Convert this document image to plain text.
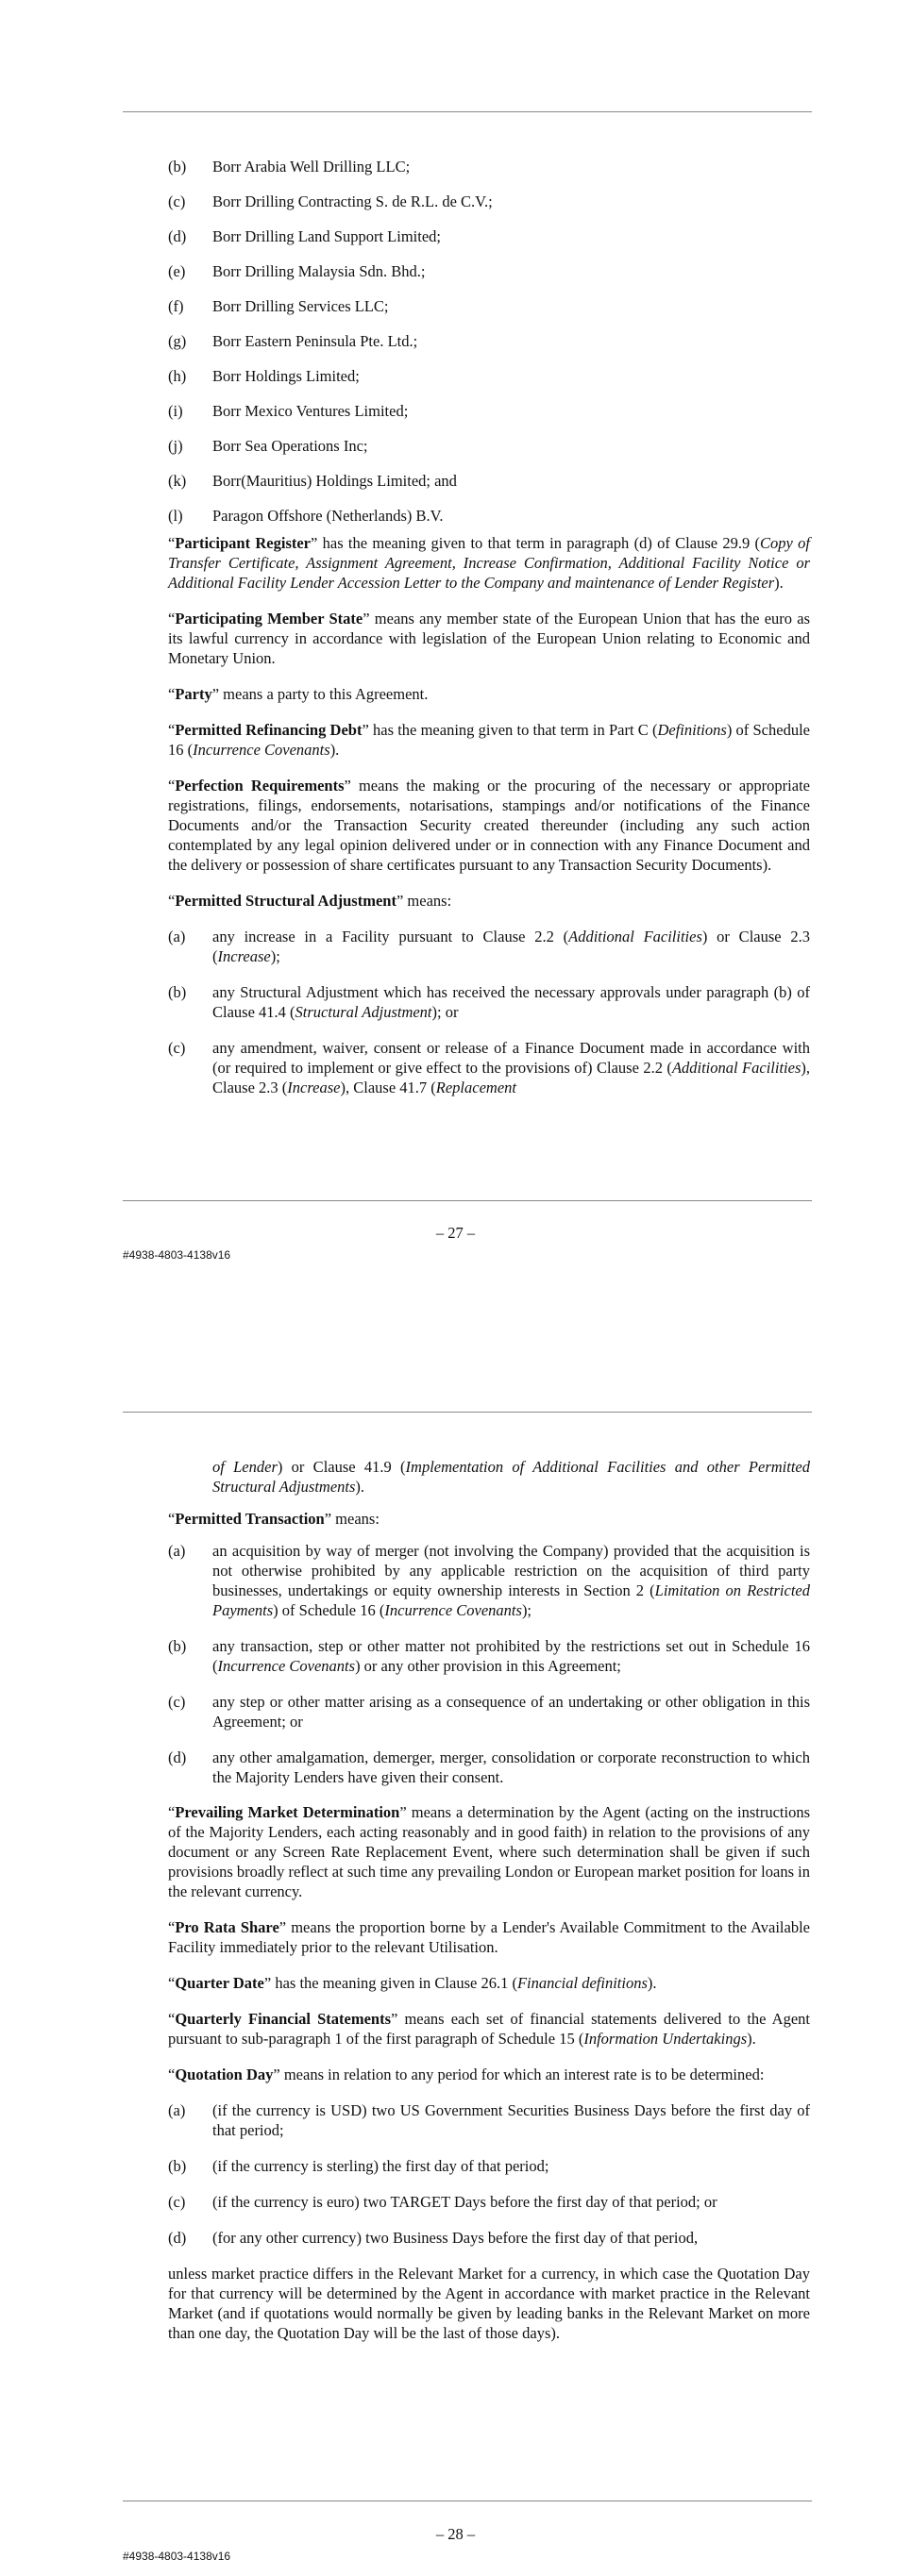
(b) Borr Arabia Well Drilling LLC;
(c) Borr Drilling Contracting S. de R.L. de C.V.;
(d) Borr Drilling Land Support Limited;
(e) Borr Drilling Malaysia Sdn. Bhd.;
(f) Borr Drilling Services LLC;
(g) Borr Eastern Peninsula Pte. Ltd.;
(h) Borr Holdings Limited;
(i) Borr Mexico Ventures Limited;
(j) Borr Sea Operations Inc;
(k) Borr(Mauritius) Holdings Limited; and
(l) Paragon Offshore (Netherlands) B.V.

“Participant Register” has the meaning given to that term in paragraph (d) of Clause 29.9 (Copy of Transfer Certificate, Assignment Agreement, Increase Confirmation, Additional Facility Notice or Additional Facility Lender Accession Letter to the Company and maintenance of Lender Register).

“Participating Member State” means any member state of the European Union that has the euro as its lawful currency in accordance with legislation of the European Union relating to Economic and Monetary Union.

“Party” means a party to this Agreement.

“Permitted Refinancing Debt” has the meaning given to that term in Part C (Definitions) of Schedule 16 (Incurrence Covenants).

“Perfection Requirements” means the making or the procuring of the necessary or appropriate registrations, filings, endorsements, notarisations, stampings and/or notifications of the Finance Documents and/or the Transaction Security created thereunder (including any such action contemplated by any legal opinion delivered under or in connection with any Finance Document and the delivery or possession of share certificates pursuant to any Transaction Security Documents).

“Permitted Structural Adjustment” means:

(a) any increase in a Facility pursuant to Clause 2.2 (Additional Facilities) or Clause 2.3 (Increase);
(b) any Structural Adjustment which has received the necessary approvals under paragraph (b) of Clause 41.4 (Structural Adjustment); or
(c) any amendment, waiver, consent or release of a Finance Document made in accordance with (or required to implement or give effect to the provisions of) Clause 2.2 (Additional Facilities), Clause 2.3 (Increase), Clause 41.7 (Replacement
– 27 –
#4938-4803-4138v16
of Lender) or Clause 41.9 (Implementation of Additional Facilities and other Permitted Structural Adjustments).

“Permitted Transaction” means:

(a) an acquisition by way of merger (not involving the Company) provided that the acquisition is not otherwise prohibited by any applicable restriction on the acquisition of third party businesses, undertakings or equity ownership interests in Section 2 (Limitation on Restricted Payments) of Schedule 16 (Incurrence Covenants);
(b) any transaction, step or other matter not prohibited by the restrictions set out in Schedule 16 (Incurrence Covenants) or any other provision in this Agreement;
(c) any step or other matter arising as a consequence of an undertaking or other obligation in this Agreement; or
(d) any other amalgamation, demerger, merger, consolidation or corporate reconstruction to which the Majority Lenders have given their consent.

“Prevailing Market Determination” means a determination by the Agent (acting on the instructions of the Majority Lenders, each acting reasonably and in good faith) in relation to the provisions of any document or any Screen Rate Replacement Event, where such determination shall be given if such provisions broadly reflect at such time any prevailing London or European market position for loans in the relevant currency.

“Pro Rata Share” means the proportion borne by a Lender's Available Commitment to the Available Facility immediately prior to the relevant Utilisation.

“Quarter Date” has the meaning given in Clause 26.1 (Financial definitions).

“Quarterly Financial Statements” means each set of financial statements delivered to the Agent pursuant to sub-paragraph 1 of the first paragraph of Schedule 15 (Information Undertakings).

“Quotation Day” means in relation to any period for which an interest rate is to be determined:

(a) (if the currency is USD) two US Government Securities Business Days before the first day of that period;
(b) (if the currency is sterling) the first day of that period;
(c) (if the currency is euro) two TARGET Days before the first day of that period; or
(d) (for any other currency) two Business Days before the first day of that period,

unless market practice differs in the Relevant Market for a currency, in which case the Quotation Day for that currency will be determined by the Agent in accordance with market practice in the Relevant Market (and if quotations would normally be given by leading banks in the Relevant Market on more than one day, the Quotation Day will be the last of those days).

– 28 –
#4938-4803-4138v16
